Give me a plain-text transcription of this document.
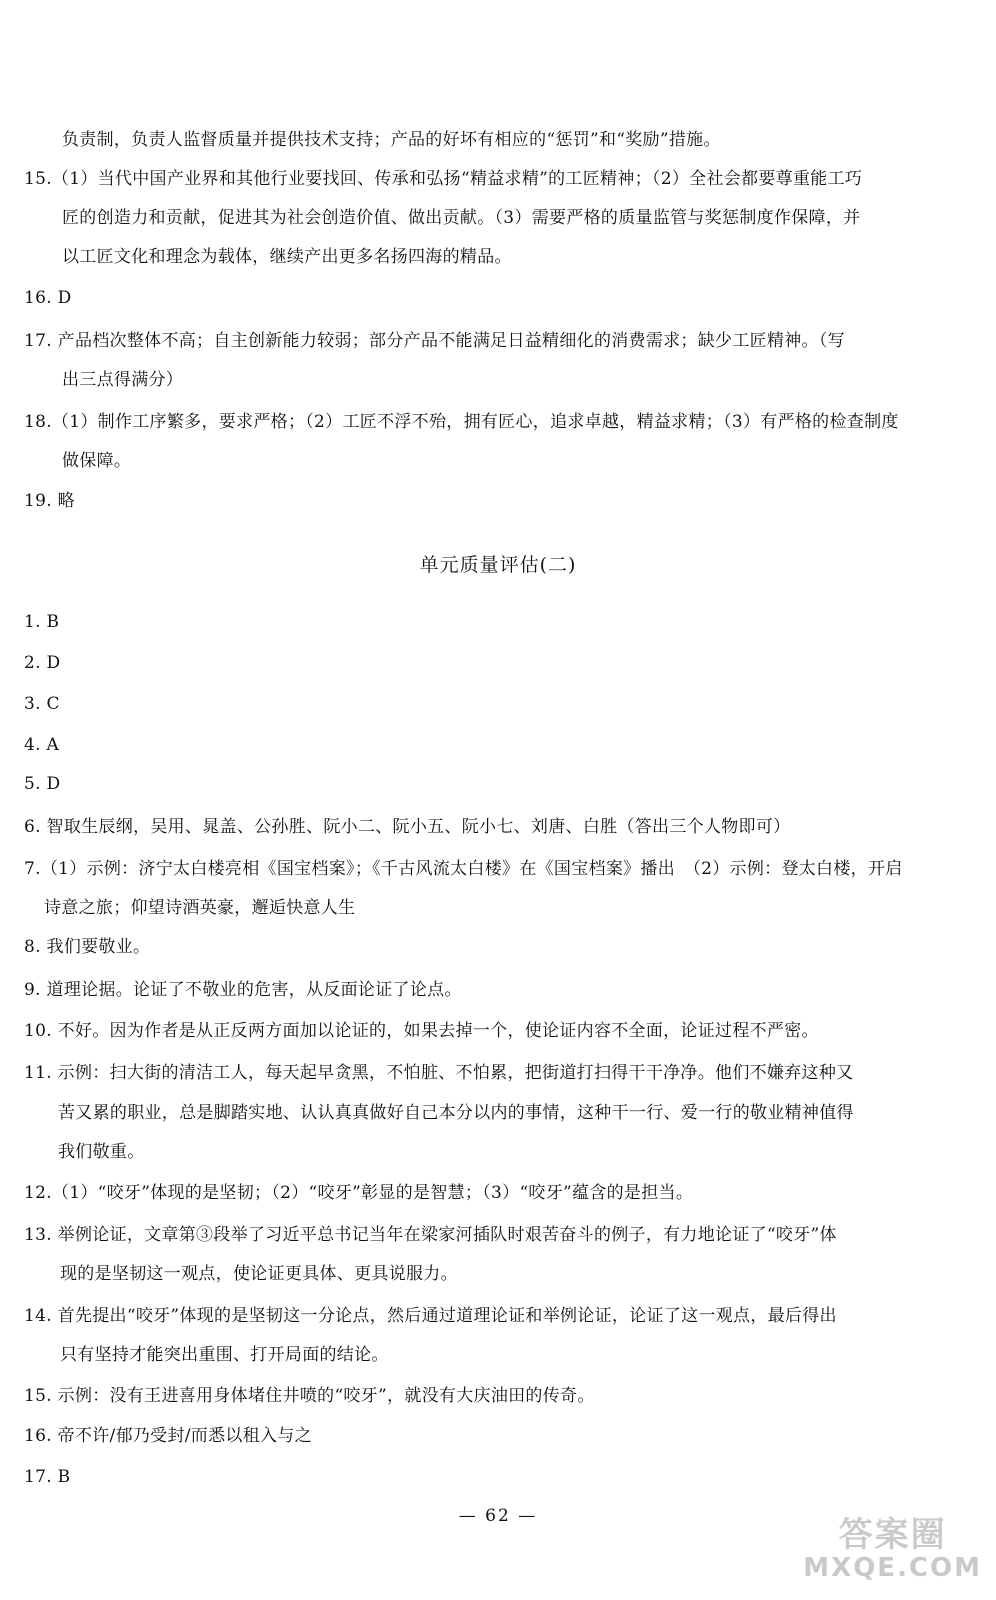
负责制，负责人监督质量并提供技术支持；产品的好坏有相应的“惩罚”和“奖励”措施。
15.（1）当代中国产业界和其他行业要找回、传承和弘扬“精益求精”的工匠精神；（2）全社会都要尊重能工巧
匠的创造力和贡献，促进其为社会创造价值、做出贡献。（3）需要严格的质量监管与奖惩制度作保障，并
以工匠文化和理念为载体，继续产出更多名扬四海的精品。
16. D
17. 产品档次整体不高；自主创新能力较弱；部分产品不能满足日益精细化的消费需求；缺少工匠精神。（写
出三点得满分）
18.（1）制作工序繁多，要求严格；（2）工匠不浮不殆，拥有匠心，追求卓越，精益求精；（3）有严格的检查制度
做保障。
19. 略
单元质量评估(二)
1. B
2. D
3. C
4. A
5. D
6. 智取生辰纲，吴用、晁盖、公孙胜、阮小二、阮小五、阮小七、刘唐、白胜（答出三个人物即可）
7.（1）示例：济宁太白楼亮相《国宝档案》；《千古风流太白楼》在《国宝档案》播出　（2）示例：登太白楼，开启
诗意之旅；仰望诗酒英豪，邂逅快意人生
8. 我们要敬业。
9. 道理论据。论证了不敬业的危害，从反面论证了论点。
10. 不好。因为作者是从正反两方面加以论证的，如果去掉一个，使论证内容不全面，论证过程不严密。
11. 示例：扫大街的清洁工人，每天起早贪黑，不怕脏、不怕累，把街道打扫得干干净净。他们不嫌弃这种又
苦又累的职业，总是脚踏实地、认认真真做好自己本分以内的事情，这种干一行、爱一行的敬业精神值得
我们敬重。
12.（1）“咬牙”体现的是坚韧；（2）“咬牙”彰显的是智慧；（3）“咬牙”蕴含的是担当。
13. 举例论证，文章第③段举了习近平总书记当年在梁家河插队时艰苦奋斗的例子，有力地论证了“咬牙”体
现的是坚韧这一观点，使论证更具体、更具说服力。
14. 首先提出“咬牙”体现的是坚韧这一分论点，然后通过道理论证和举例论证，论证了这一观点，最后得出
只有坚持才能突出重围、打开局面的结论。
15. 示例：没有王进喜用身体堵住井喷的“咬牙”，就没有大庆油田的传奇。
16. 帝不许/郁乃受封/而悉以租入与之
17. B
— 62 —	答案圈
MXQE.COM
